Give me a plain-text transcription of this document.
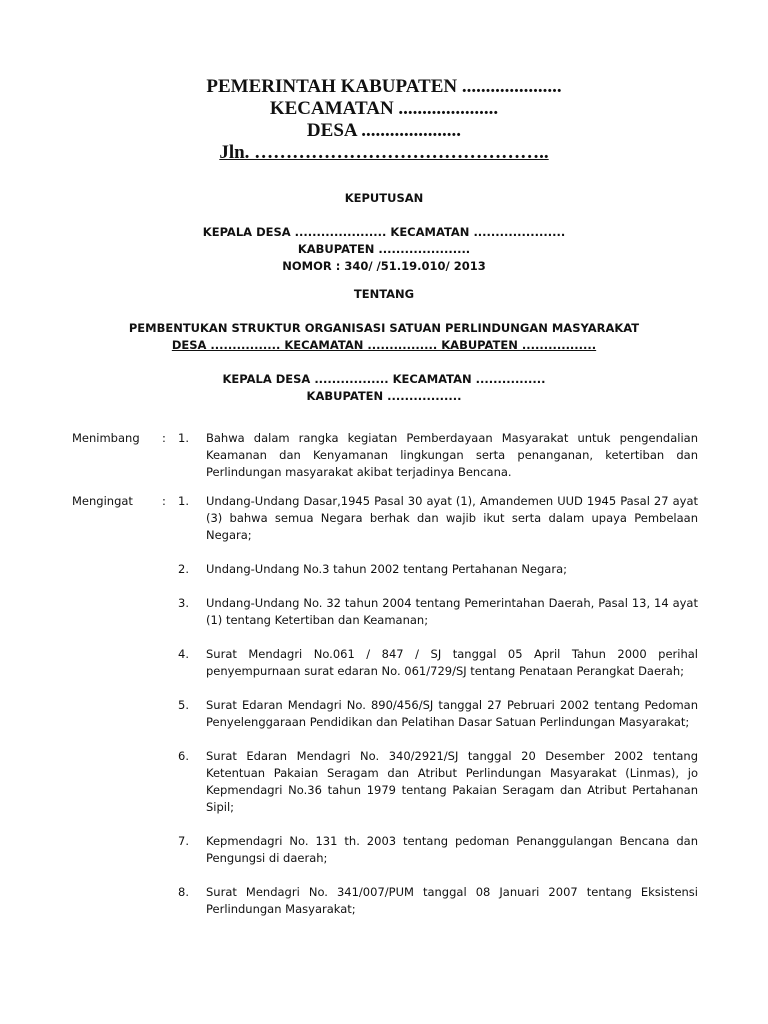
PEMERINTAH KABUPATEN .....................
KECAMATAN .....................
DESA .....................
Jln. ………………………………………..
KEPUTUSAN
KEPALA DESA ..................... KECAMATAN .....................
KABUPATEN .....................
NOMOR : 340/ /51.19.010/ 2013
TENTANG
PEMBENTUKAN STRUKTUR ORGANISASI SATUAN PERLINDUNGAN MASYARAKAT
DESA ................ KECAMATAN ................ KABUPATEN .................
KEPALA DESA ................. KECAMATAN ................
KABUPATEN .................
Menimbang	:	1.	Bahwa dalam rangka kegiatan Pemberdayaan Masyarakat untuk pengendalian Keamanan dan Kenyamanan lingkungan serta penanganan, ketertiban dan Perlindungan masyarakat akibat terjadinya Bencana.
Mengingat	:	1.	Undang-Undang Dasar,1945 Pasal 30 ayat (1), Amandemen UUD 1945 Pasal 27 ayat (3) bahwa semua Negara berhak dan wajib ikut serta dalam upaya Pembelaan Negara;
2.	Undang-Undang No.3 tahun 2002 tentang Pertahanan Negara;
3.	Undang-Undang No. 32 tahun 2004 tentang Pemerintahan Daerah, Pasal 13, 14 ayat (1) tentang Ketertiban dan Keamanan;
4.	Surat Mendagri No.061 / 847 / SJ tanggal 05 April Tahun 2000 perihal penyempurnaan surat edaran No. 061/729/SJ tentang Penataan Perangkat Daerah;
5.	Surat Edaran Mendagri No. 890/456/SJ tanggal 27 Pebruari 2002 tentang Pedoman Penyelenggaraan Pendidikan dan Pelatihan Dasar Satuan Perlindungan Masyarakat;
6.	Surat Edaran Mendagri No. 340/2921/SJ tanggal 20 Desember 2002 tentang Ketentuan Pakaian Seragam dan Atribut Perlindungan Masyarakat (Linmas), jo Kepmendagri No.36 tahun 1979 tentang Pakaian Seragam dan Atribut Pertahanan Sipil;
7.	Kepmendagri No. 131 th. 2003 tentang pedoman Penanggulangan Bencana dan Pengungsi di daerah;
8.	Surat Mendagri No. 341/007/PUM tanggal 08 Januari 2007 tentang Eksistensi Perlindungan Masyarakat;
